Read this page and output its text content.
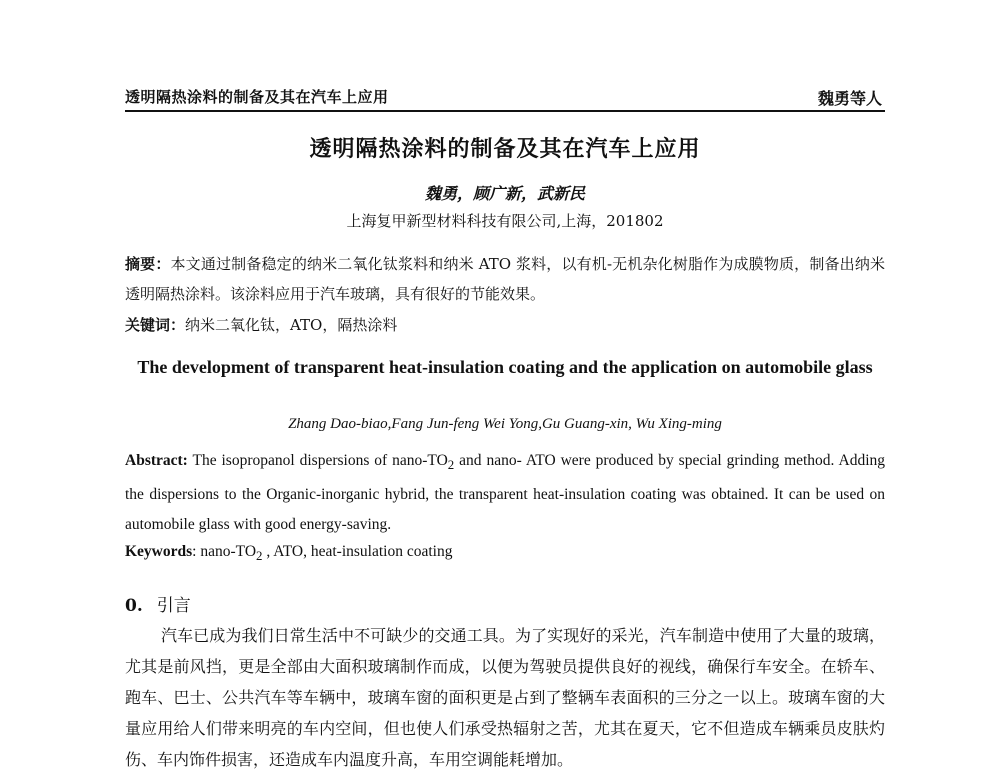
透明隔热涂料的制备及其在汽车上应用	魏勇等人
透明隔热涂料的制备及其在汽车上应用
魏勇，顾广新，武新民
上海复甲新型材料科技有限公司,上海，201802
摘要：本文通过制备稳定的纳米二氧化钛浆料和纳米 ATO 浆料，以有机-无机杂化树脂作为成膜物质，制备出纳米透明隔热涂料。该涂料应用于汽车玻璃，具有很好的节能效果。
关键词：纳米二氧化钛，ATO，隔热涂料
The development of transparent heat-insulation coating and the application on automobile glass
Zhang Dao-biao,Fang Jun-feng Wei Yong,Gu Guang-xin, Wu Xing-ming
Abstract: The isopropanol dispersions of nano-$TO_2$ and nano- ATO were produced by special grinding method. Adding the dispersions to the Organic-inorganic hybrid, the transparent heat-insulation coating was obtained. It can be used on automobile glass with good energy-saving.
Keywords: nano-$TO_2$ , ATO, heat-insulation coating
0. 引言
汽车已成为我们日常生活中不可缺少的交通工具。为了实现好的采光，汽车制造中使用了大量的玻璃，尤其是前风挡，更是全部由大面积玻璃制作而成，以便为驾驶员提供良好的视线，确保行车安全。在轿车、跑车、巴士、公共汽车等车辆中，玻璃车窗的面积更是占到了整辆车表面积的三分之一以上。玻璃车窗的大量应用给人们带来明亮的车内空间，但也使人们承受热辐射之苦，尤其在夏天，它不但造成车辆乘员皮肤灼伤、车内饰件损害，还造成车内温度升高，车用空调能耗增加。
